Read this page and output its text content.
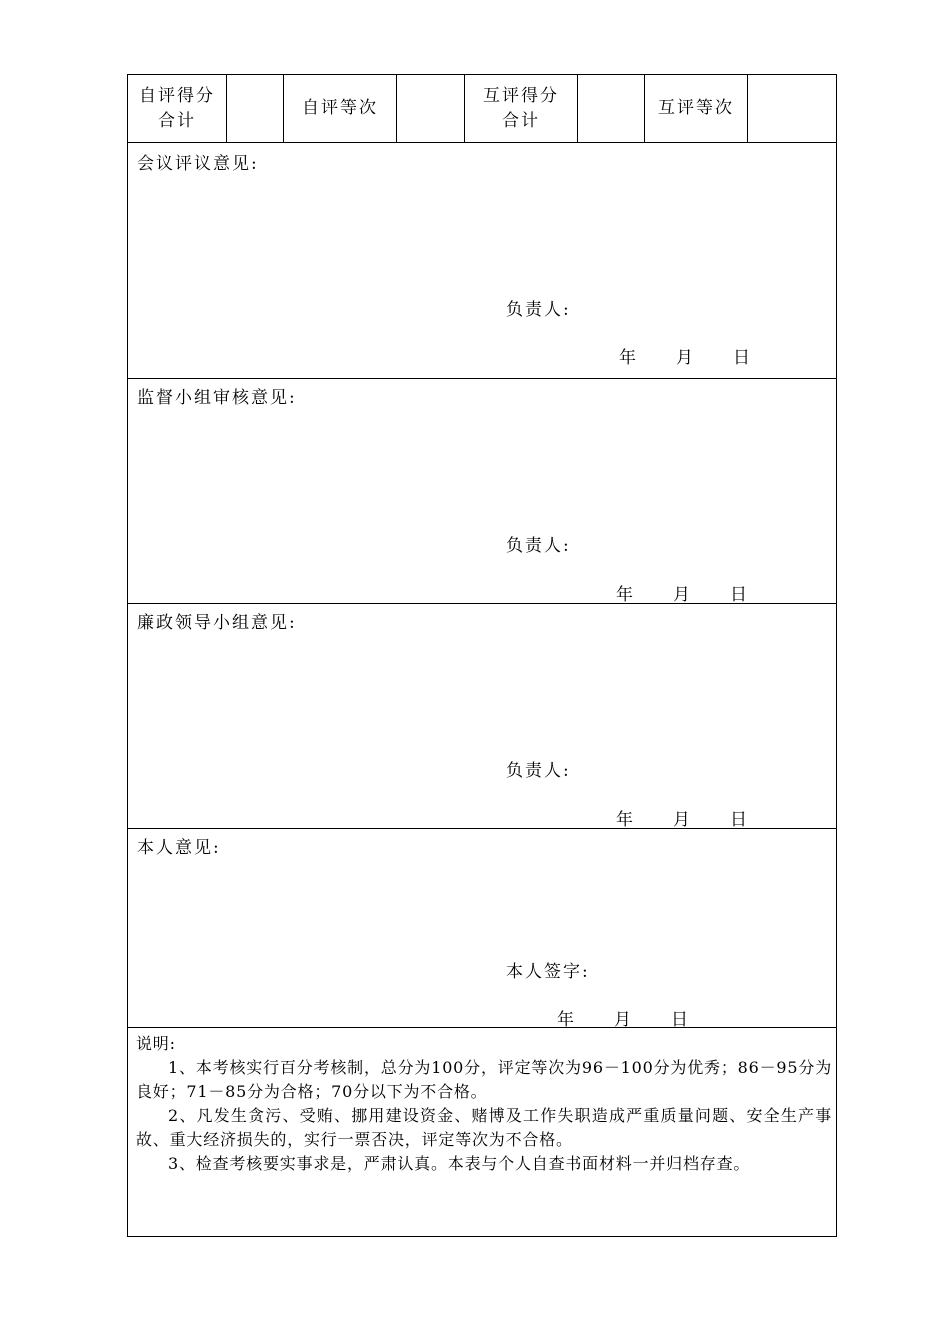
自评得分
合计
自评等次
互评得分
合计
互评等次
会议评议意见:
负责人:
年 月 日
监督小组审核意见:
负责人:
年 月 日
廉政领导小组意见:
负责人:
年 月 日
本人意见:
本人签字:
年 月 日

说明:

1、本考核实行百分考核制，总分为100分，评定等次为96－100分为优秀；86－95分为良好；71－85分为合格；70分以下为不合格。

2、凡发生贪污、受贿、挪用建设资金、赌博及工作失职造成严重质量问题、安全生产事故、重大经济损失的，实行一票否决，评定等次为不合格。

3、检查考核要实事求是，严肃认真。本表与个人自查书面材料一并归档存查。
